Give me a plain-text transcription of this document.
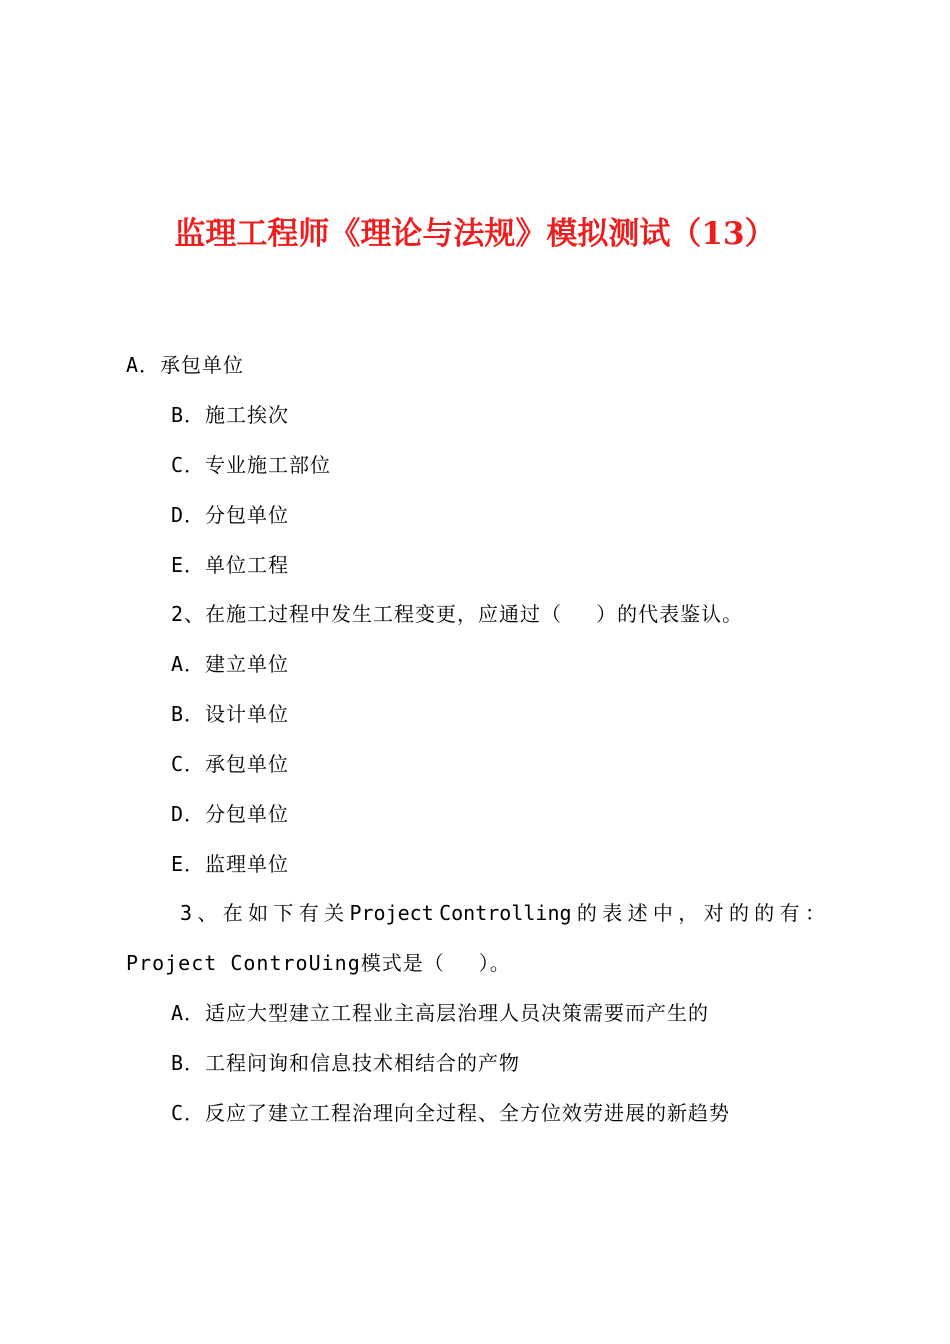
监理工程师《理论与法规》模拟测试（13）
A．承包单位
B．施工挨次
C．专业施工部位
D．分包单位
E．单位工程
2、在施工过程中发生工程变更，应通过（　 ）的代表鉴认。
A．建立单位
B．设计单位
C．承包单位
D．分包单位
E．监理单位
3 、 在 如 下 有 关 Project Controlling 的 表 述 中 ， 对 的 的 有 ：
Project ControUing模式是（　 ）。
A．适应大型建立工程业主高层治理人员决策需要而产生的
B．工程问询和信息技术相结合的产物
C．反应了建立工程治理向全过程、全方位效劳进展的新趋势
